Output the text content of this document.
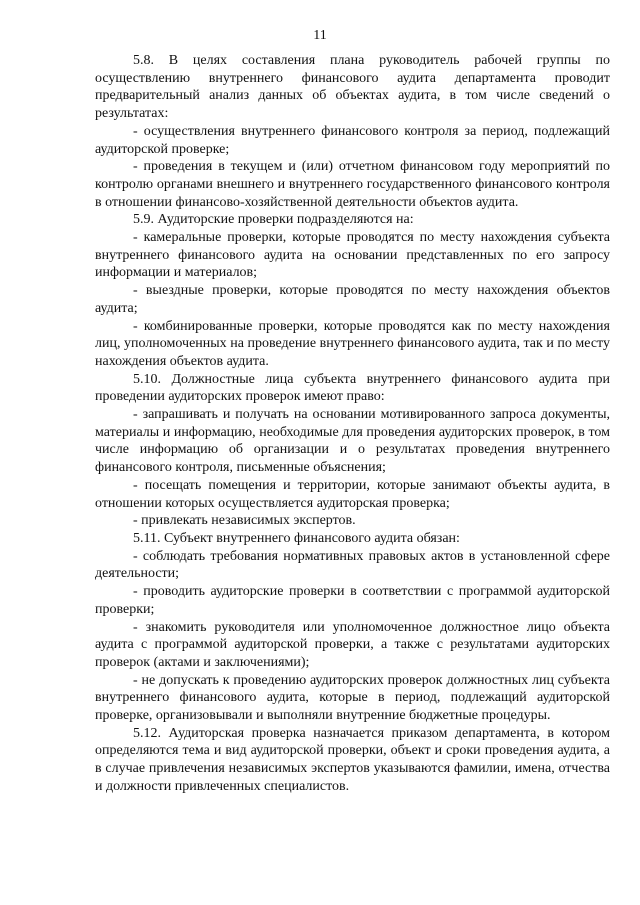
11

5.8. В целях составления плана руководитель рабочей группы по осуществлению внутреннего финансового аудита департамента проводит предварительный анализ данных об объектах аудита, в том числе сведений о результатах:

- осуществления внутреннего финансового контроля за период, подлежащий аудиторской проверке;

- проведения в текущем и (или) отчетном финансовом году мероприятий по контролю органами внешнего и внутреннего государственного финансового контроля в отношении финансово-хозяйственной деятельности объектов аудита.

5.9. Аудиторские проверки подразделяются на:

- камеральные проверки, которые проводятся по месту нахождения субъекта внутреннего финансового аудита на основании представленных по его запросу информации и материалов;

- выездные проверки, которые проводятся по месту нахождения объектов аудита;

- комбинированные проверки, которые проводятся как по месту нахождения лиц, уполномоченных на проведение внутреннего финансового аудита, так и по месту нахождения объектов аудита.

5.10. Должностные лица субъекта внутреннего финансового аудита при проведении аудиторских проверок имеют право:

- запрашивать и получать на основании мотивированного запроса документы, материалы и информацию, необходимые для проведения аудиторских проверок, в том числе информацию об организации и о результатах проведения внутреннего финансового контроля, письменные объяснения;

- посещать помещения и территории, которые занимают объекты аудита, в отношении которых осуществляется аудиторская проверка;

- привлекать независимых экспертов.

5.11. Субъект внутреннего финансового аудита обязан:

- соблюдать требования нормативных правовых актов в установленной сфере деятельности;

- проводить аудиторские проверки в соответствии с программой аудиторской проверки;

- знакомить руководителя или уполномоченное должностное лицо объекта аудита с программой аудиторской проверки, а также с результатами аудиторских проверок (актами и заключениями);

- не допускать к проведению аудиторских проверок должностных лиц субъекта внутреннего финансового аудита, которые в период, подлежащий аудиторской проверке, организовывали и выполняли внутренние бюджетные процедуры.

5.12. Аудиторская проверка назначается приказом департамента, в котором определяются тема и вид аудиторской проверки, объект и сроки проведения аудита, а в случае привлечения независимых экспертов указываются фамилии, имена, отчества и должности привлеченных специалистов.
